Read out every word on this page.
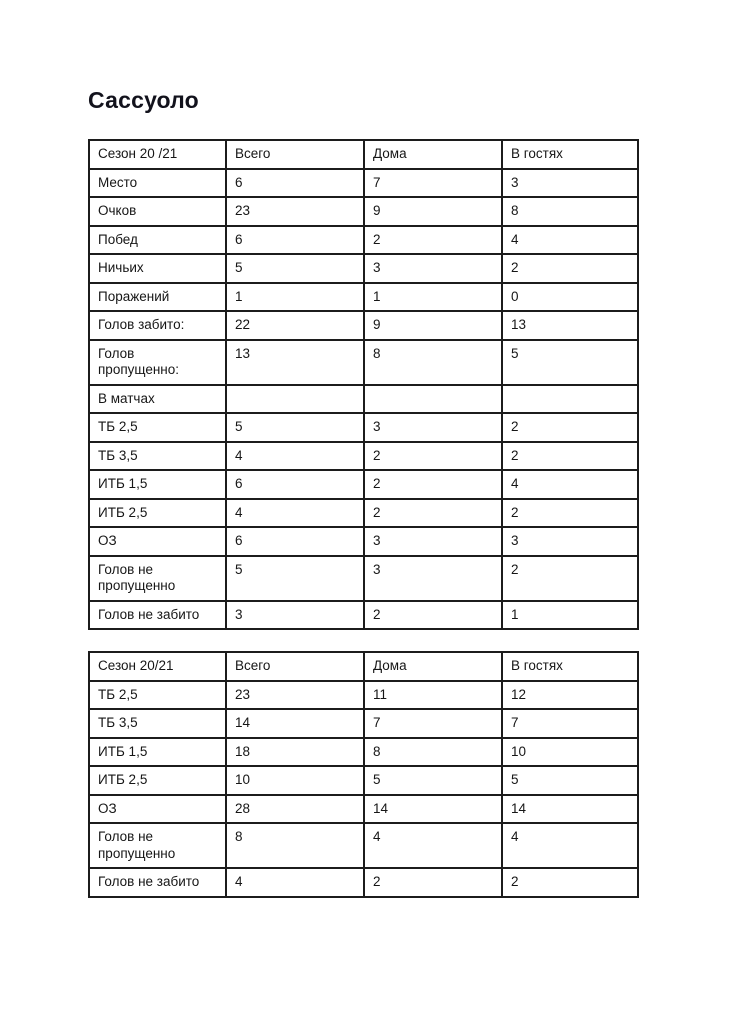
Сассуоло
Сезон 20 /21	Всего	Дома	В гостях
Место	6	7	3
Очков	23	9	8
Побед	6	2	4
Ничьих	5	3	2
Поражений	1	1	0
Голов забито:	22	9	13
Голов пропущенно:	13	8	5
В матчах			
ТБ 2,5	5	3	2
ТБ 3,5	4	2	2
ИТБ 1,5	6	2	4
ИТБ 2,5	4	2	2
ОЗ	6	3	3
Голов не пропущенно	5	3	2
Голов не забито	3	2	1
Сезон 20/21	Всего	Дома	В гостях
ТБ 2,5	23	11	12
ТБ 3,5	14	7	7
ИТБ 1,5	18	8	10
ИТБ 2,5	10	5	5
ОЗ	28	14	14
Голов не пропущенно	8	4	4
Голов не забито	4	2	2
